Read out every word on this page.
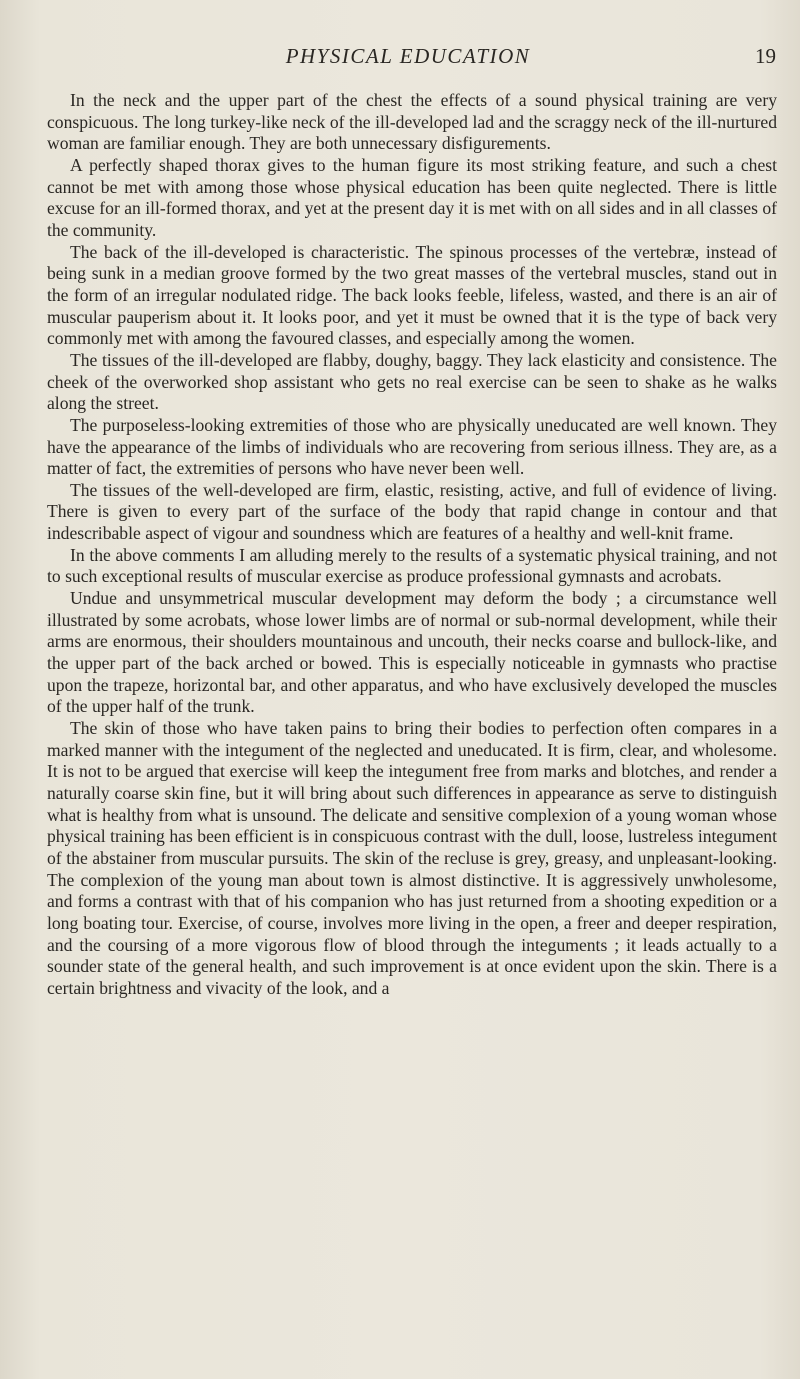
PHYSICAL EDUCATION	19

In the neck and the upper part of the chest the effects of a sound physical training are very conspicuous. The long turkey-like neck of the ill-developed lad and the scraggy neck of the ill-nurtured woman are familiar enough. They are both unnecessary disfigurements.

A perfectly shaped thorax gives to the human figure its most striking feature, and such a chest cannot be met with among those whose physical education has been quite neglected. There is little excuse for an ill-formed thorax, and yet at the present day it is met with on all sides and in all classes of the community.

The back of the ill-developed is characteristic. The spinous processes of the vertebræ, instead of being sunk in a median groove formed by the two great masses of the vertebral muscles, stand out in the form of an irregular nodulated ridge. The back looks feeble, lifeless, wasted, and there is an air of muscular pauperism about it. It looks poor, and yet it must be owned that it is the type of back very commonly met with among the favoured classes, and especially among the women.

The tissues of the ill-developed are flabby, doughy, baggy. They lack elasticity and consistence. The cheek of the overworked shop assistant who gets no real exercise can be seen to shake as he walks along the street.

The purposeless-looking extremities of those who are physically uneducated are well known. They have the appearance of the limbs of individuals who are recovering from serious illness. They are, as a matter of fact, the extremities of persons who have never been well.

The tissues of the well-developed are firm, elastic, resisting, active, and full of evidence of living. There is given to every part of the surface of the body that rapid change in contour and that indescribable aspect of vigour and soundness which are features of a healthy and well-knit frame.

In the above comments I am alluding merely to the results of a systematic physical training, and not to such exceptional results of muscular exercise as produce professional gymnasts and acrobats.

Undue and unsymmetrical muscular development may deform the body ; a circumstance well illustrated by some acrobats, whose lower limbs are of normal or sub-normal development, while their arms are enormous, their shoulders mountainous and uncouth, their necks coarse and bullock-like, and the upper part of the back arched or bowed. This is especially noticeable in gymnasts who practise upon the trapeze, horizontal bar, and other apparatus, and who have exclusively developed the muscles of the upper half of the trunk.

The skin of those who have taken pains to bring their bodies to perfection often compares in a marked manner with the integument of the neglected and uneducated. It is firm, clear, and wholesome. It is not to be argued that exercise will keep the integument free from marks and blotches, and render a naturally coarse skin fine, but it will bring about such differences in appearance as serve to distinguish what is healthy from what is unsound. The delicate and sensitive complexion of a young woman whose physical training has been efficient is in conspicuous contrast with the dull, loose, lustreless integument of the abstainer from muscular pursuits. The skin of the recluse is grey, greasy, and unpleasant-looking. The complexion of the young man about town is almost distinctive. It is aggressively unwholesome, and forms a contrast with that of his companion who has just returned from a shooting expedition or a long boating tour. Exercise, of course, involves more living in the open, a freer and deeper respiration, and the coursing of a more vigorous flow of blood through the integuments ; it leads actually to a sounder state of the general health, and such improvement is at once evident upon the skin. There is a certain brightness and vivacity of the look, and a
